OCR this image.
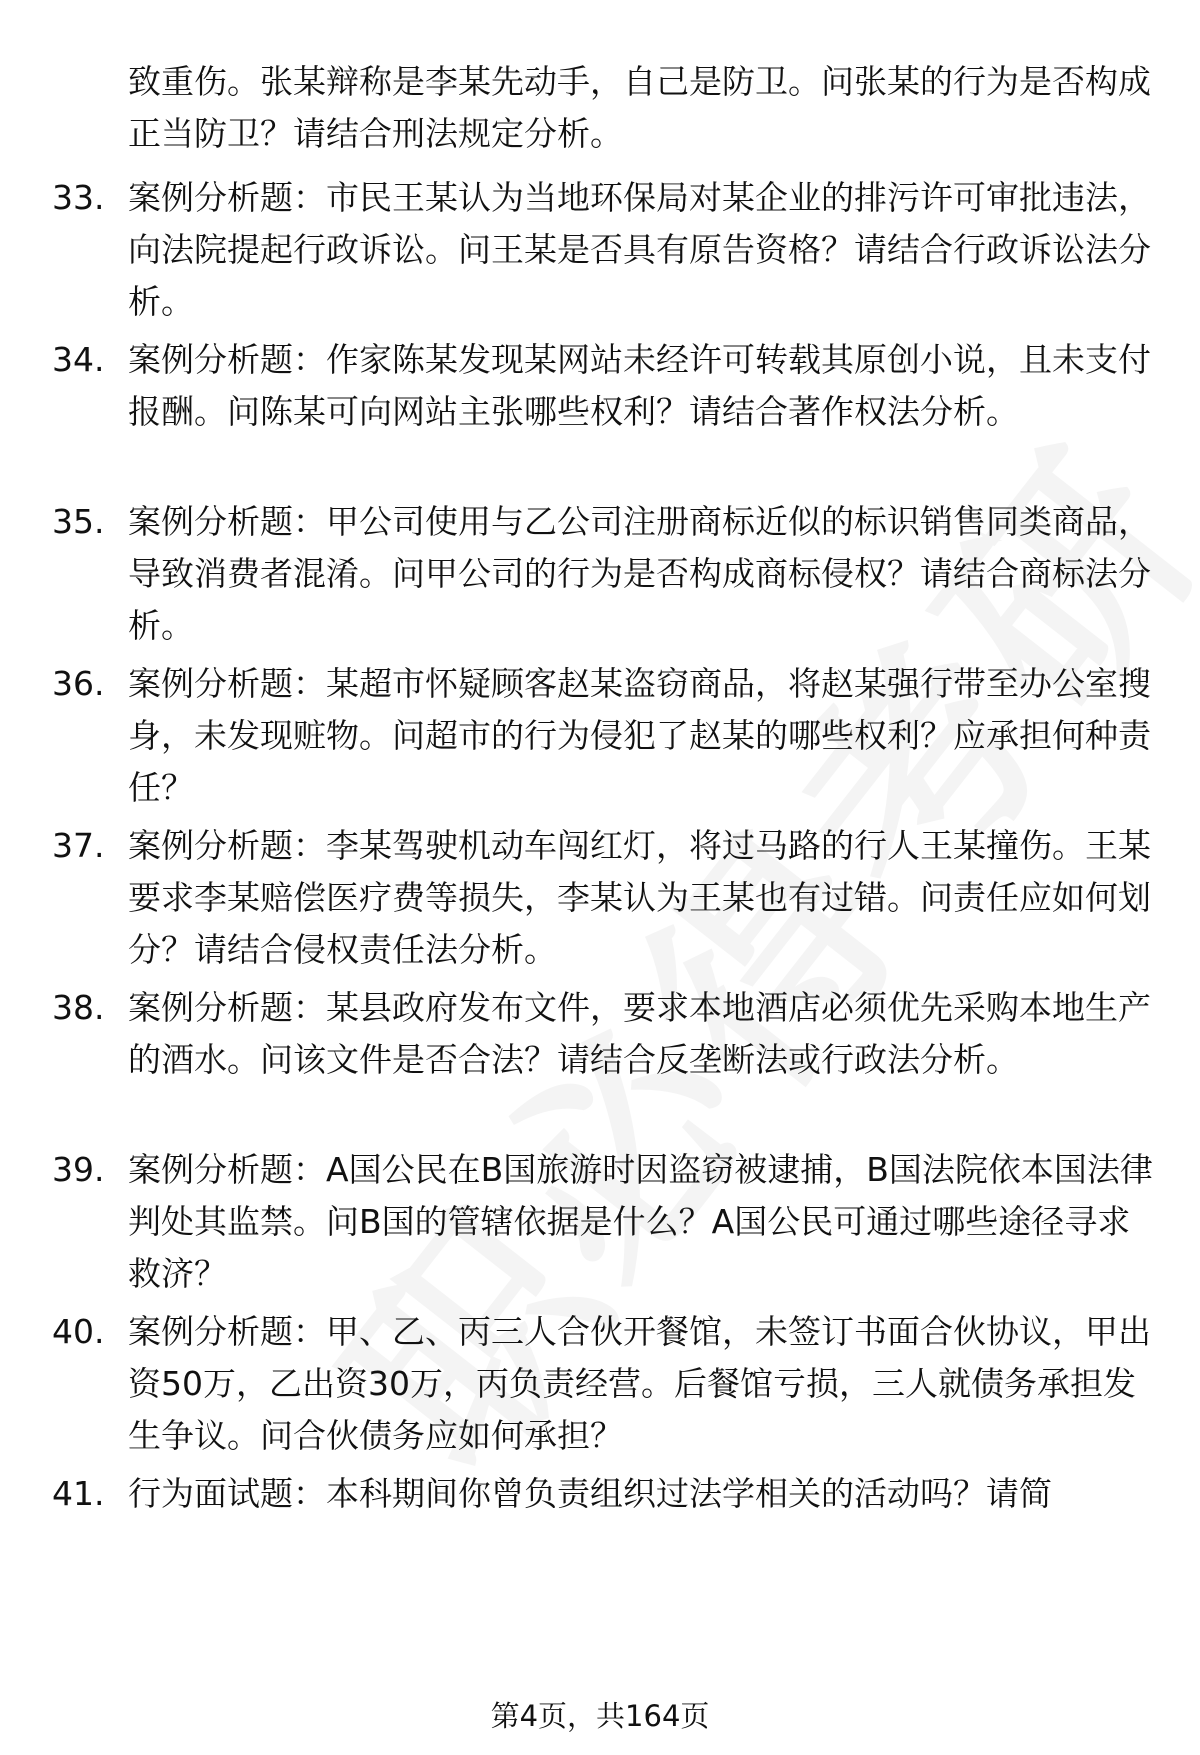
致重伤。张某辩称是李某先动手，自己是防卫。问张某的行为是否构成正当防卫？请结合刑法规定分析。
33. 案例分析题：市民王某认为当地环保局对某企业的排污许可审批违法，向法院提起行政诉讼。问王某是否具有原告资格？请结合行政诉讼法分析。
34. 案例分析题：作家陈某发现某网站未经许可转载其原创小说，且未支付报酬。问陈某可向网站主张哪些权利？请结合著作权法分析。
35. 案例分析题：甲公司使用与乙公司注册商标近似的标识销售同类商品，导致消费者混淆。问甲公司的行为是否构成商标侵权？请结合商标法分析。
36. 案例分析题：某超市怀疑顾客赵某盗窃商品，将赵某强行带至办公室搜身，未发现赃物。问超市的行为侵犯了赵某的哪些权利？应承担何种责任？
37. 案例分析题：李某驾驶机动车闯红灯，将过马路的行人王某撞伤。王某要求李某赔偿医疗费等损失，李某认为王某也有过错。问责任应如何划分？请结合侵权责任法分析。
38. 案例分析题：某县政府发布文件，要求本地酒店必须优先采购本地生产的酒水。问该文件是否合法？请结合反垄断法或行政法分析。
39. 案例分析题：A国公民在B国旅游时因盗窃被逮捕，B国法院依本国法律判处其监禁。问B国的管辖依据是什么？A国公民可通过哪些途径寻求救济？
40. 案例分析题：甲、乙、丙三人合伙开餐馆，未签订书面合伙协议，甲出资50万，乙出资30万，丙负责经营。后餐馆亏损，三人就债务承担发生争议。问合伙债务应如何承担？
41. 行为面试题：本科期间你曾负责组织过法学相关的活动吗？请简
第4页，共164页
